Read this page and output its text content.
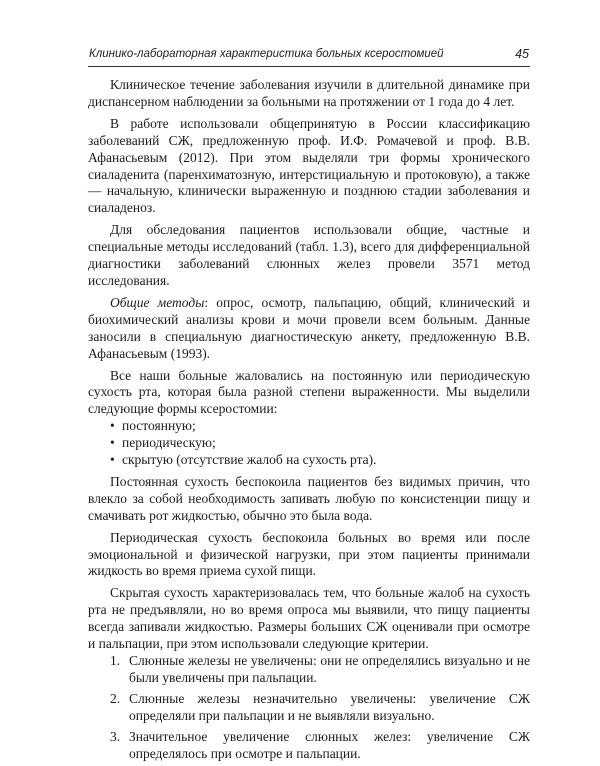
Клинико-лабораторная характеристика больных ксеростомией	45

Клиническое течение заболевания изучили в длительной динамике при диспансерном наблюдении за больными на протяжении от 1 года до 4 лет.

В работе использовали общепринятую в России классификацию заболеваний СЖ, предложенную проф. И.Ф. Ромачевой и проф. В.В. Афанасьевым (2012). При этом выделяли три формы хронического сиаладенита (паренхиматозную, интерстициальную и протоковую), а также — начальную, клинически выраженную и позднюю стадии заболевания и сиаладеноз.

Для обследования пациентов использовали общие, частные и специальные методы исследований (табл. 1.3), всего для дифференциальной диагностики заболеваний слюнных желез провели 3571 метод исследования.

Общие методы: опрос, осмотр, пальпацию, общий, клинический и биохимический анализы крови и мочи провели всем больным. Данные заносили в специальную диагностическую анкету, предложенную В.В. Афанасьевым (1993).

Все наши больные жаловались на постоянную или периодическую сухость рта, которая была разной степени выраженности. Мы выделили следующие формы ксеростомии:

• постоянную;
• периодическую;
• скрытую (отсутствие жалоб на сухость рта).

Постоянная сухость беспокоила пациентов без видимых причин, что влекло за собой необходимость запивать любую по консистенции пищу и смачивать рот жидкостью, обычно это была вода.

Периодическая сухость беспокоила больных во время или после эмоциональной и физической нагрузки, при этом пациенты принимали жидкость во время приема сухой пищи.

Скрытая сухость характеризовалась тем, что больные жалоб на сухость рта не предъявляли, но во время опроса мы выявили, что пищу пациенты всегда запивали жидкостью. Размеры больших СЖ оценивали при осмотре и пальпации, при этом использовали следующие критерии.

1. Слюнные железы не увеличены: они не определялись визуально и не были увеличены при пальпации.
2. Слюнные железы незначительно увеличены: увеличение СЖ определяли при пальпации и не выявляли визуально.
3. Значительное увеличение слюнных желез: увеличение СЖ определялось при осмотре и пальпации.
